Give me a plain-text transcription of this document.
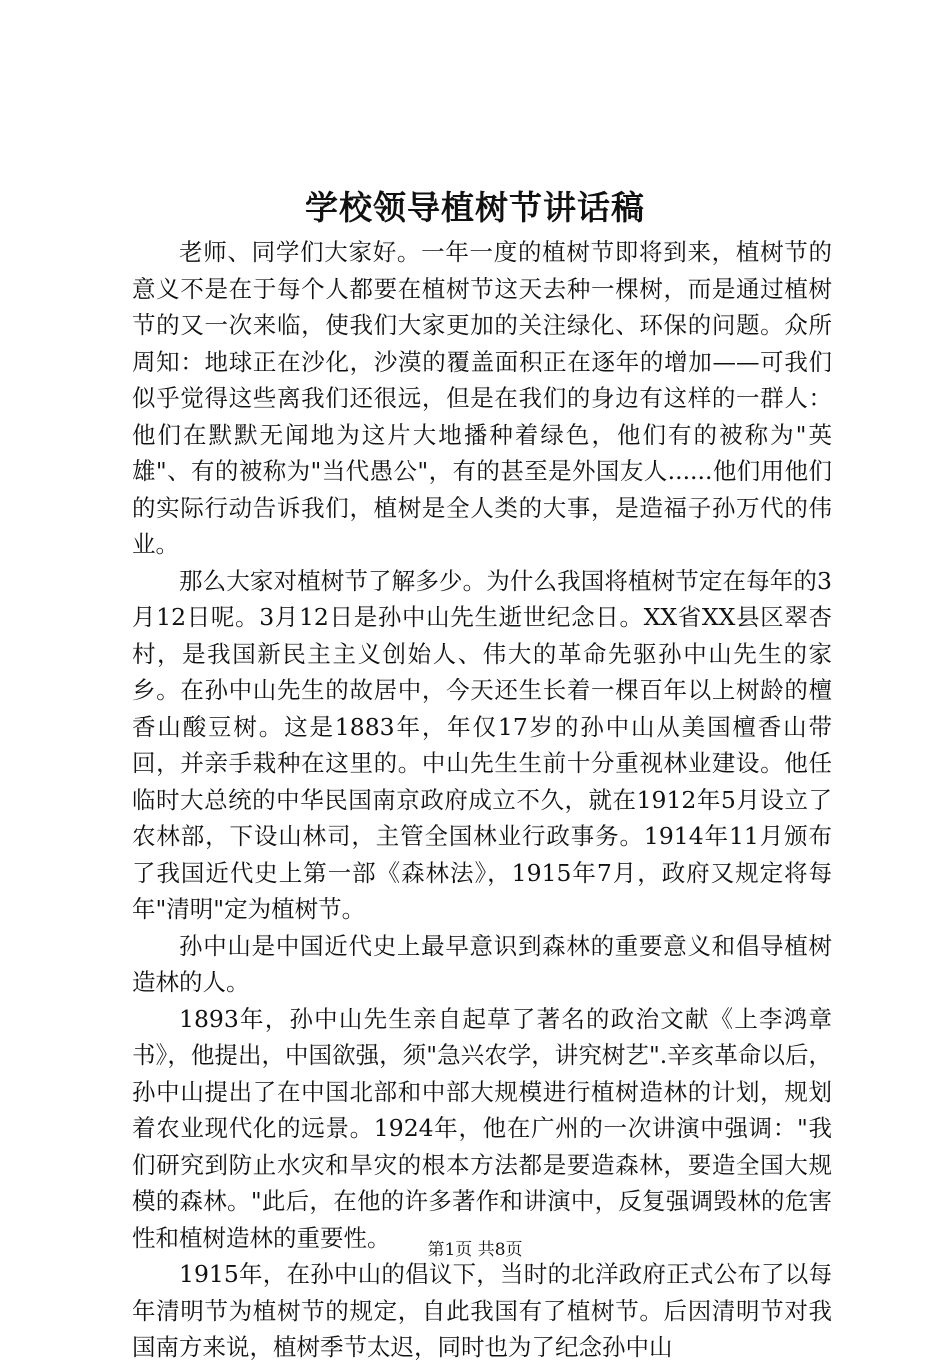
学校领导植树节讲话稿

老师、同学们大家好。一年一度的植树节即将到来，植树节的意义不是在于每个人都要在植树节这天去种一棵树，而是通过植树节的又一次来临，使我们大家更加的关注绿化、环保的问题。众所周知：地球正在沙化，沙漠的覆盖面积正在逐年的增加——可我们似乎觉得这些离我们还很远，但是在我们的身边有这样的一群人：他们在默默无闻地为这片大地播种着绿色，他们有的被称为"英雄"、有的被称为"当代愚公"，有的甚至是外国友人......他们用他们的实际行动告诉我们，植树是全人类的大事，是造福子孙万代的伟业。

那么大家对植树节了解多少。为什么我国将植树节定在每年的3月12日呢。3月12日是孙中山先生逝世纪念日。XX省XX县区翠杏村，是我国新民主主义创始人、伟大的革命先驱孙中山先生的家乡。在孙中山先生的故居中，今天还生长着一棵百年以上树龄的檀香山酸豆树。这是1883年，年仅17岁的孙中山从美国檀香山带回，并亲手栽种在这里的。中山先生生前十分重视林业建设。他任临时大总统的中华民国南京政府成立不久，就在1912年5月设立了农林部，下设山林司，主管全国林业行政事务。1914年11月颁布了我国近代史上第一部《森林法》，1915年7月，政府又规定将每年"清明"定为植树节。

孙中山是中国近代史上最早意识到森林的重要意义和倡导植树造林的人。

1893年，孙中山先生亲自起草了著名的政治文献《上李鸿章书》，他提出，中国欲强，须"急兴农学，讲究树艺".辛亥革命以后，孙中山提出了在中国北部和中部大规模进行植树造林的计划，规划着农业现代化的远景。1924年，他在广州的一次讲演中强调："我们研究到防止水灾和旱灾的根本方法都是要造森林，要造全国大规模的森林。"此后，在他的许多著作和讲演中，反复强调毁林的危害性和植树造林的重要性。

1915年，在孙中山的倡议下，当时的北洋政府正式公布了以每年清明节为植树节的规定，自此我国有了植树节。后因清明节对我国南方来说，植树季节太迟，同时也为了纪念孙中山

第1页 共8页
